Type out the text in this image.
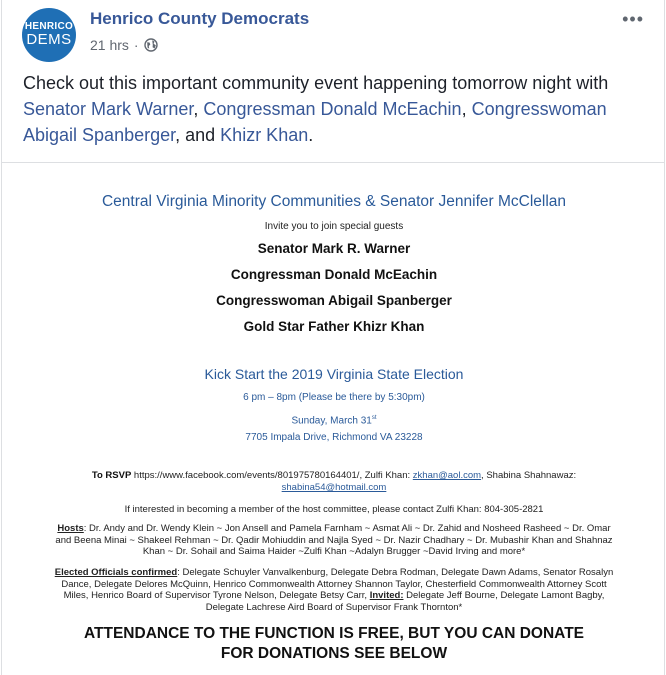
HENRICO
DEMS
Henrico County Democrats
21 hrs ·
•••
Check out this important community event happening tomorrow night with Senator Mark Warner, Congressman Donald McEachin, Congresswoman Abigail Spanberger, and Khizr Khan.
Central Virginia Minority Communities & Senator Jennifer McClellan
Invite you to join special guests
Senator Mark R. Warner
Congressman Donald McEachin
Congresswoman Abigail Spanberger
Gold Star Father Khizr Khan
Kick Start the 2019 Virginia State Election
6 pm – 8pm (Please be there by 5:30pm)
Sunday, March 31st
7705 Impala Drive, Richmond VA 23228
To RSVP https://www.facebook.com/events/801975780164401/, Zulfi Khan: zkhan@aol.com, Shabina Shahnawaz: shabina54@hotmail.com
If interested in becoming a member of the host committee, please contact Zulfi Khan: 804-305-2821
Hosts: Dr. Andy and Dr. Wendy Klein ~ Jon Ansell and Pamela Farnham ~ Asmat Ali ~ Dr. Zahid and Nosheed Rasheed ~ Dr. Omar and Beena Minai ~ Shakeel Rehman ~ Dr. Qadir Mohiuddin and Najla Syed ~ Dr. Nazir Chadhary ~ Dr. Mubashir Khan and Shahnaz Khan ~ Dr. Sohail and Saima Haider ~Zulfi Khan ~Adalyn Brugger ~David Irving and more*
Elected Officials confirmed: Delegate Schuyler Vanvalkenburg, Delegate Debra Rodman, Delegate Dawn Adams, Senator Rosalyn Dance, Delegate Delores McQuinn, Henrico Commonwealth Attorney Shannon Taylor, Chesterfield Commonwealth Attorney Scott Miles, Henrico Board of Supervisor Tyrone Nelson, Delegate Betsy Carr, Invited: Delegate Jeff Bourne, Delegate Lamont Bagby, Delegate Lachrese Aird Board of Supervisor Frank Thornton*
ATTENDANCE TO THE FUNCTION IS FREE, BUT YOU CAN DONATE
FOR DONATIONS SEE BELOW
